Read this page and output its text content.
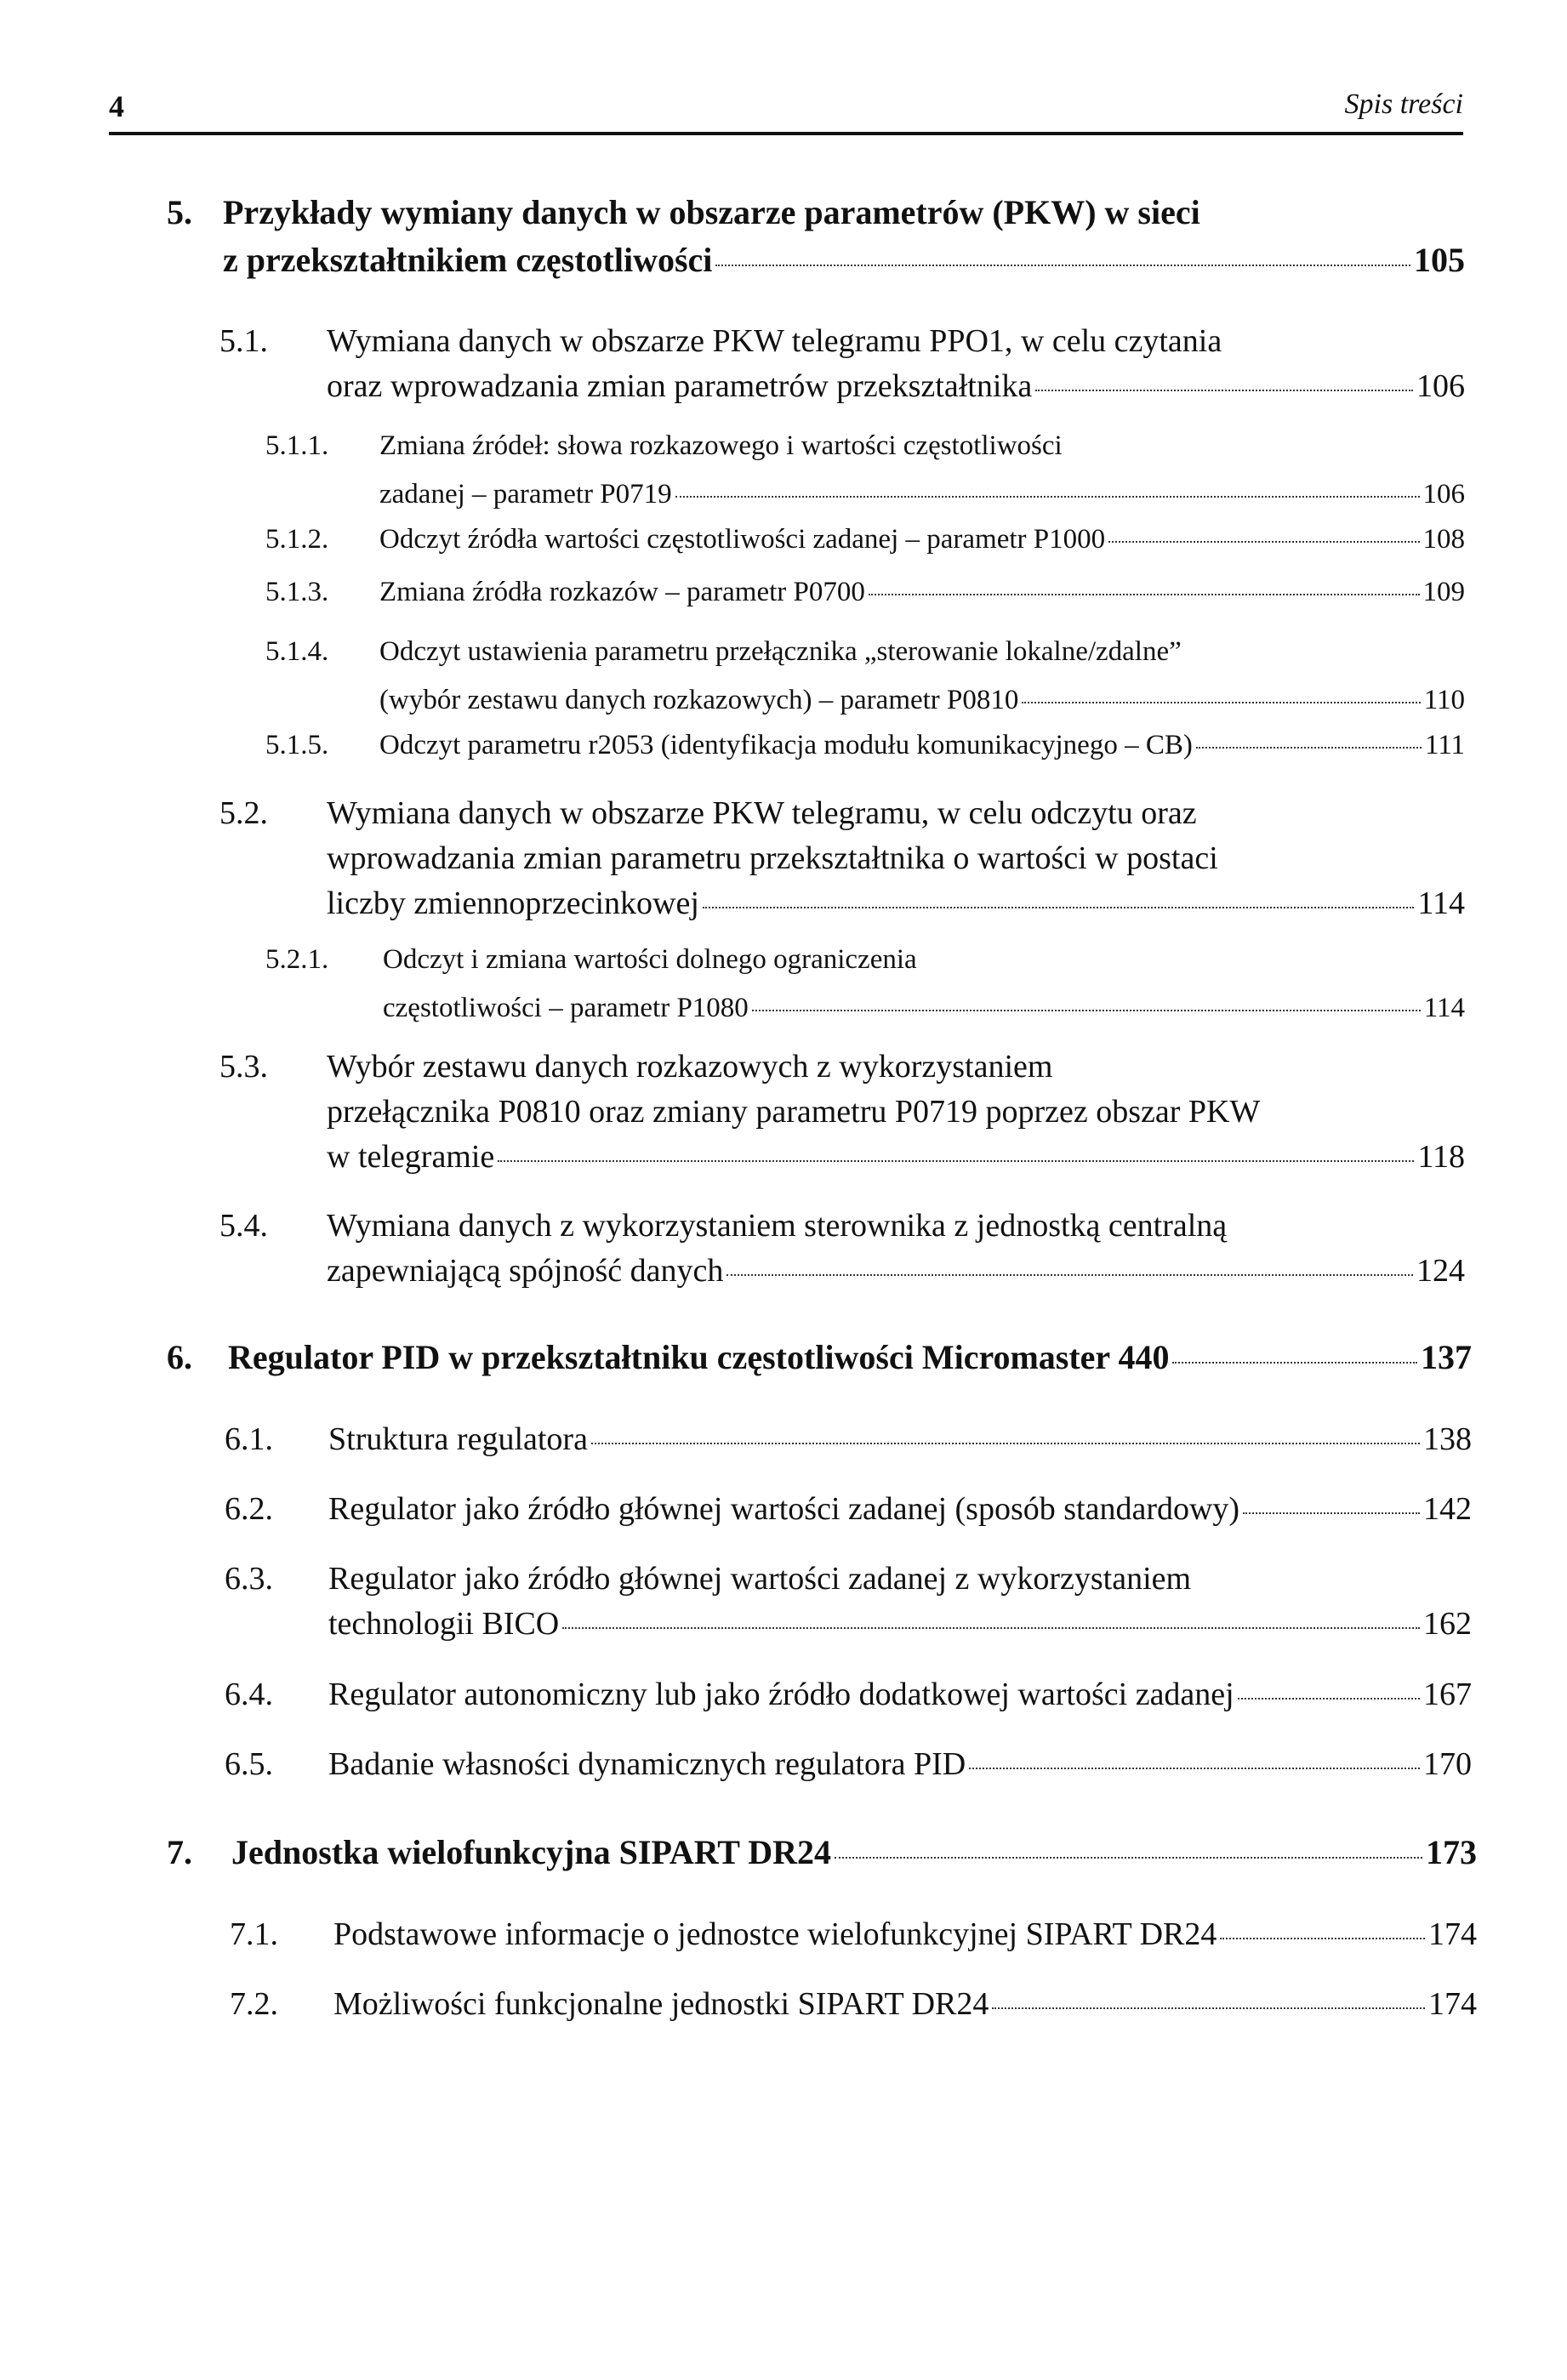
4	Spis treści
5. Przykłady wymiany danych w obszarze parametrów (PKW) w sieci
z przekształtnikiem częstotliwości	105
5.1. Wymiana danych w obszarze PKW telegramu PPO1, w celu czytania
oraz wprowadzania zmian parametrów przekształtnika	106
5.1.1. Zmiana źródeł: słowa rozkazowego i wartości częstotliwości
zadanej – parametr P0719	106
5.1.2. Odczyt źródła wartości częstotliwości zadanej – parametr P1000	108
5.1.3. Zmiana źródła rozkazów – parametr P0700	109
5.1.4. Odczyt ustawienia parametru przełącznika „sterowanie lokalne/zdalne”
(wybór zestawu danych rozkazowych) – parametr P0810	110
5.1.5. Odczyt parametru r2053 (identyfikacja modułu komunikacyjnego – CB)	111
5.2. Wymiana danych w obszarze PKW telegramu, w celu odczytu oraz
wprowadzania zmian parametru przekształtnika o wartości w postaci
liczby zmiennoprzecinkowej	114
5.2.1. Odczyt i zmiana wartości dolnego ograniczenia
częstotliwości – parametr P1080	114
5.3. Wybór zestawu danych rozkazowych z wykorzystaniem
przełącznika P0810 oraz zmiany parametru P0719 poprzez obszar PKW
w telegramie	118
5.4. Wymiana danych z wykorzystaniem sterownika z jednostką centralną
zapewniającą spójność danych	124
6. Regulator PID w przekształtniku częstotliwości Micromaster 440	137
6.1. Struktura regulatora	138
6.2. Regulator jako źródło głównej wartości zadanej (sposób standardowy)	142
6.3. Regulator jako źródło głównej wartości zadanej z wykorzystaniem
technologii BICO	162
6.4. Regulator autonomiczny lub jako źródło dodatkowej wartości zadanej	167
6.5. Badanie własności dynamicznych regulatora PID	170
7. Jednostka wielofunkcyjna SIPART DR24	173
7.1. Podstawowe informacje o jednostce wielofunkcyjnej SIPART DR24	174
7.2. Możliwości funkcjonalne jednostki SIPART DR24	174
